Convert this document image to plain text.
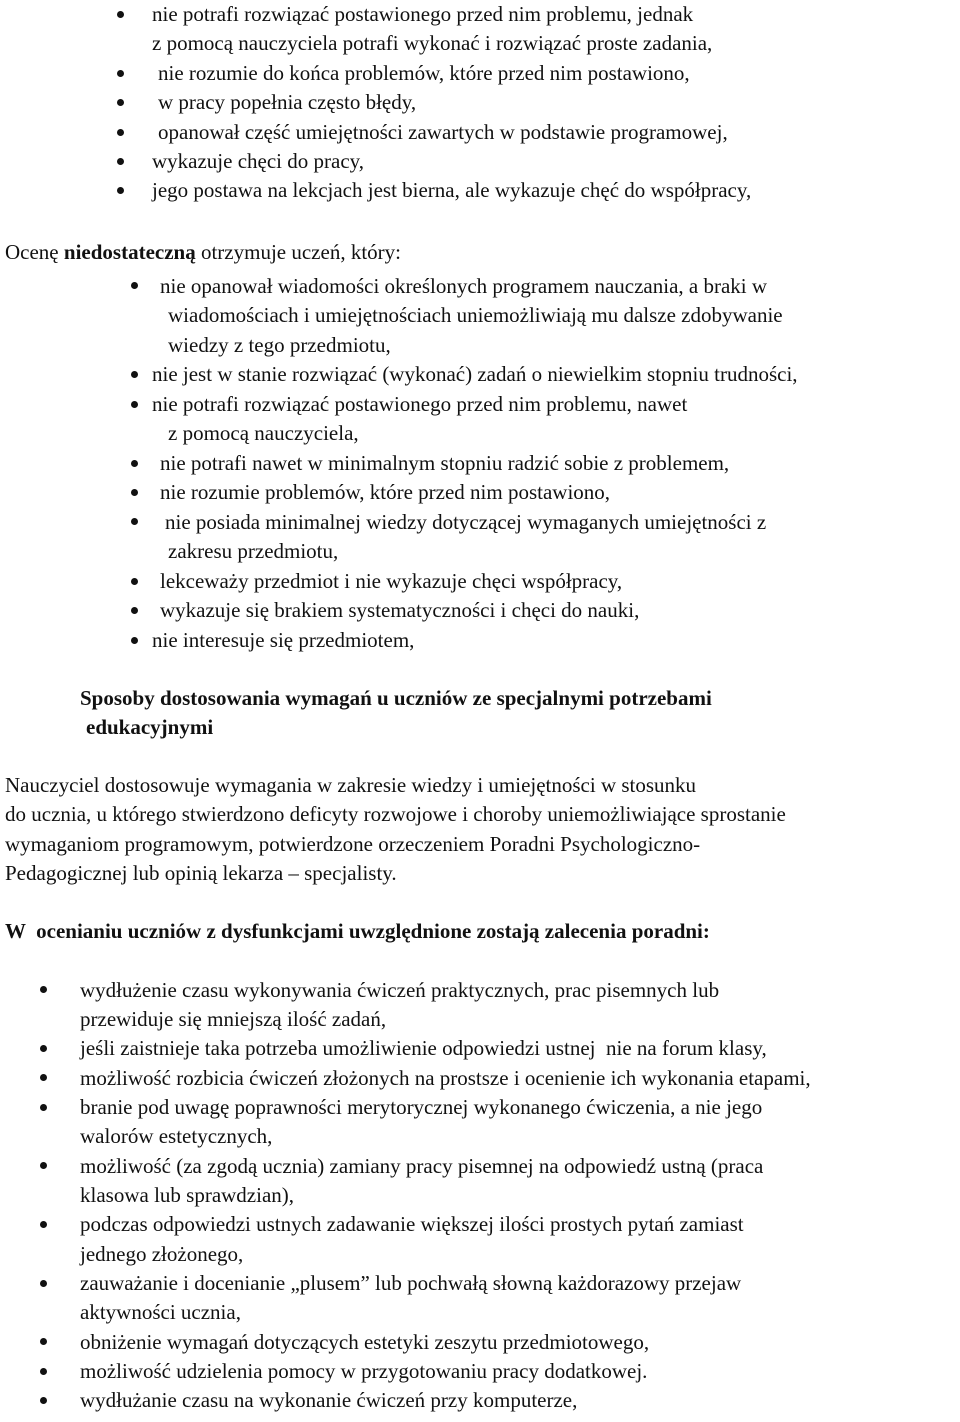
nie potrafi rozwiązać postawionego przed nim problemu, jednak
z pomocą nauczyciela potrafi wykonać i rozwiązać proste zadania,
nie rozumie do końca problemów, które przed nim postawiono,
w pracy popełnia często błędy,
opanował część umiejętności zawartych w podstawie programowej,
wykazuje chęci do pracy,
jego postawa na lekcjach jest bierna, ale wykazuje chęć do współpracy,
Ocenę niedostateczną otrzymuje uczeń, który:
nie opanował wiadomości określonych programem nauczania, a braki w
wiadomościach i umiejętnościach uniemożliwiają mu dalsze zdobywanie
wiedzy z tego przedmiotu,
nie jest w stanie rozwiązać (wykonać) zadań o niewielkim stopniu trudności,
nie potrafi rozwiązać postawionego przed nim problemu, nawet
z pomocą nauczyciela,
nie potrafi nawet w minimalnym stopniu radzić sobie z problemem,
nie rozumie problemów, które przed nim postawiono,
nie posiada minimalnej wiedzy dotyczącej wymaganych umiejętności z
zakresu przedmiotu,
lekceważy przedmiot i nie wykazuje chęci współpracy,
wykazuje się brakiem systematyczności i chęci do nauki,
nie interesuje się przedmiotem,
Sposoby dostosowania wymagań u uczniów ze specjalnymi potrzebami
edukacyjnymi
Nauczyciel dostosowuje wymagania w zakresie wiedzy i umiejętności w stosunku
do ucznia, u którego stwierdzono deficyty rozwojowe i choroby uniemożliwiające sprostanie
wymaganiom programowym, potwierdzone orzeczeniem Poradni Psychologiczno-
Pedagogicznej lub opinią lekarza – specjalisty.
W  ocenianiu uczniów z dysfunkcjami uwzględnione zostają zalecenia poradni:
wydłużenie czasu wykonywania ćwiczeń praktycznych, prac pisemnych lub
przewiduje się mniejszą ilość zadań,
jeśli zaistnieje taka potrzeba umożliwienie odpowiedzi ustnej  nie na forum klasy,
możliwość rozbicia ćwiczeń złożonych na prostsze i ocenienie ich wykonania etapami,
branie pod uwagę poprawności merytorycznej wykonanego ćwiczenia, a nie jego
walorów estetycznych,
możliwość (za zgodą ucznia) zamiany pracy pisemnej na odpowiedź ustną (praca
klasowa lub sprawdzian),
podczas odpowiedzi ustnych zadawanie większej ilości prostych pytań zamiast
jednego złożonego,
zauważanie i docenianie „plusem” lub pochwałą słowną każdorazowy przejaw
aktywności ucznia,
obniżenie wymagań dotyczących estetyki zeszytu przedmiotowego,
możliwość udzielenia pomocy w przygotowaniu pracy dodatkowej.
wydłużanie czasu na wykonanie ćwiczeń przy komputerze,
